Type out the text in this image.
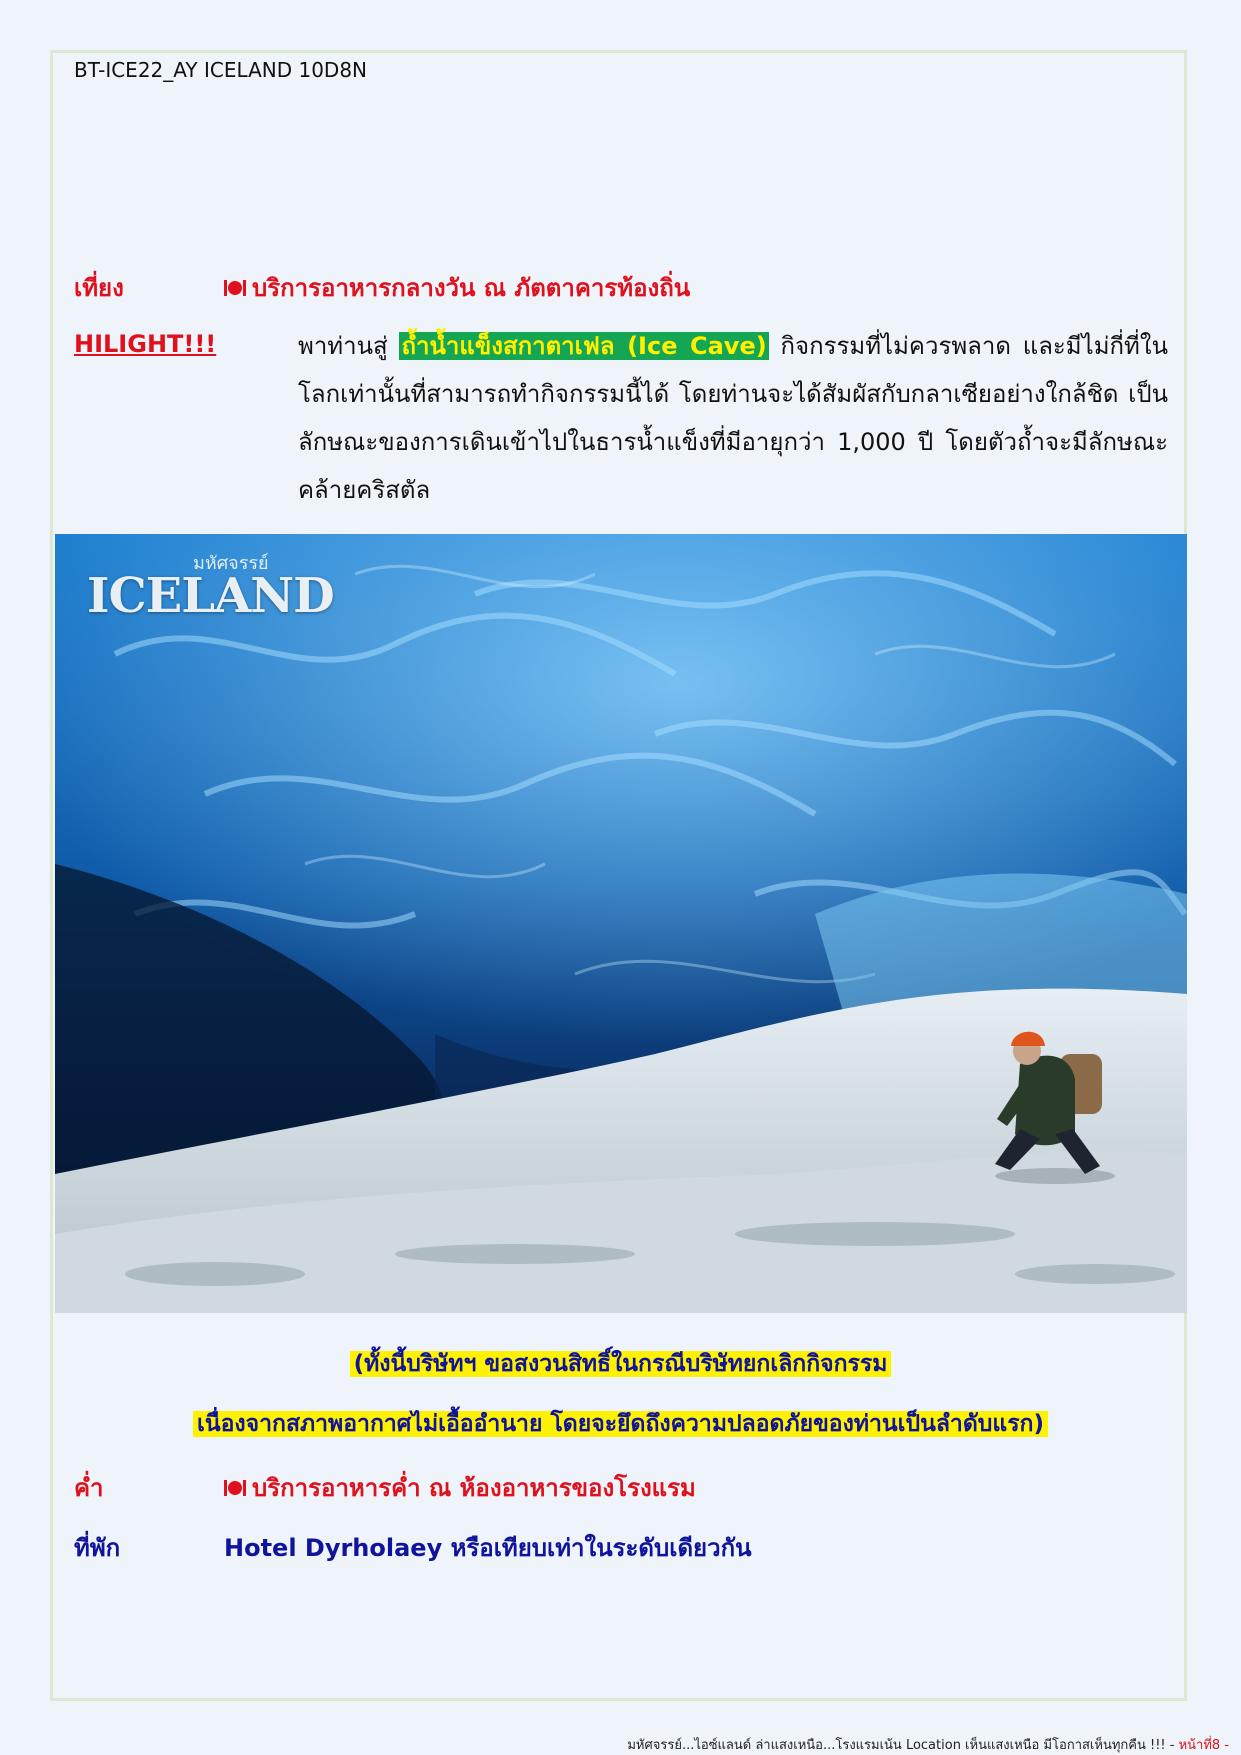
BT-ICE22_AY ICELAND 10D8N
เที่ยง	บริการอาหารกลางวัน ณ ภัตตาคารท้องถิ่น
HILIGHT!!!	พาท่านสู่ ถ้ำน้ำแข็งสกาตาเฟล (Ice Cave) กิจกรรมที่ไม่ควรพลาด และมีไม่กี่ที่ในโลกเท่านั้นที่สามารถทำกิจกรรมนี้ได้ โดยท่านจะได้สัมผัสกับกลาเซียอย่างใกล้ชิด เป็นลักษณะของการเดินเข้าไปในธารน้ำแข็งที่มีอายุกว่า 1,000 ปี โดยตัวถ้ำจะมีลักษณะคล้ายคริสตัล
มหัศจรรย์
ICELAND
(ทั้งนี้บริษัทฯ ขอสงวนสิทธิ์ในกรณีบริษัทยกเลิกกิจกรรม
เนื่องจากสภาพอากาศไม่เอื้ออำนาย โดยจะยึดถึงความปลอดภัยของท่านเป็นลำดับแรก)
ค่ำ	บริการอาหารค่ำ ณ ห้องอาหารของโรงแรม
ที่พัก	Hotel Dyrholaey หรือเทียบเท่าในระดับเดียวกัน
มหัศจรรย์...ไอซ์แลนด์ ล่าแสงเหนือ...โรงแรมเน้น Location เห็นแสงเหนือ มีโอกาสเห็นทุกคืน !!! - หน้าที่8 -
